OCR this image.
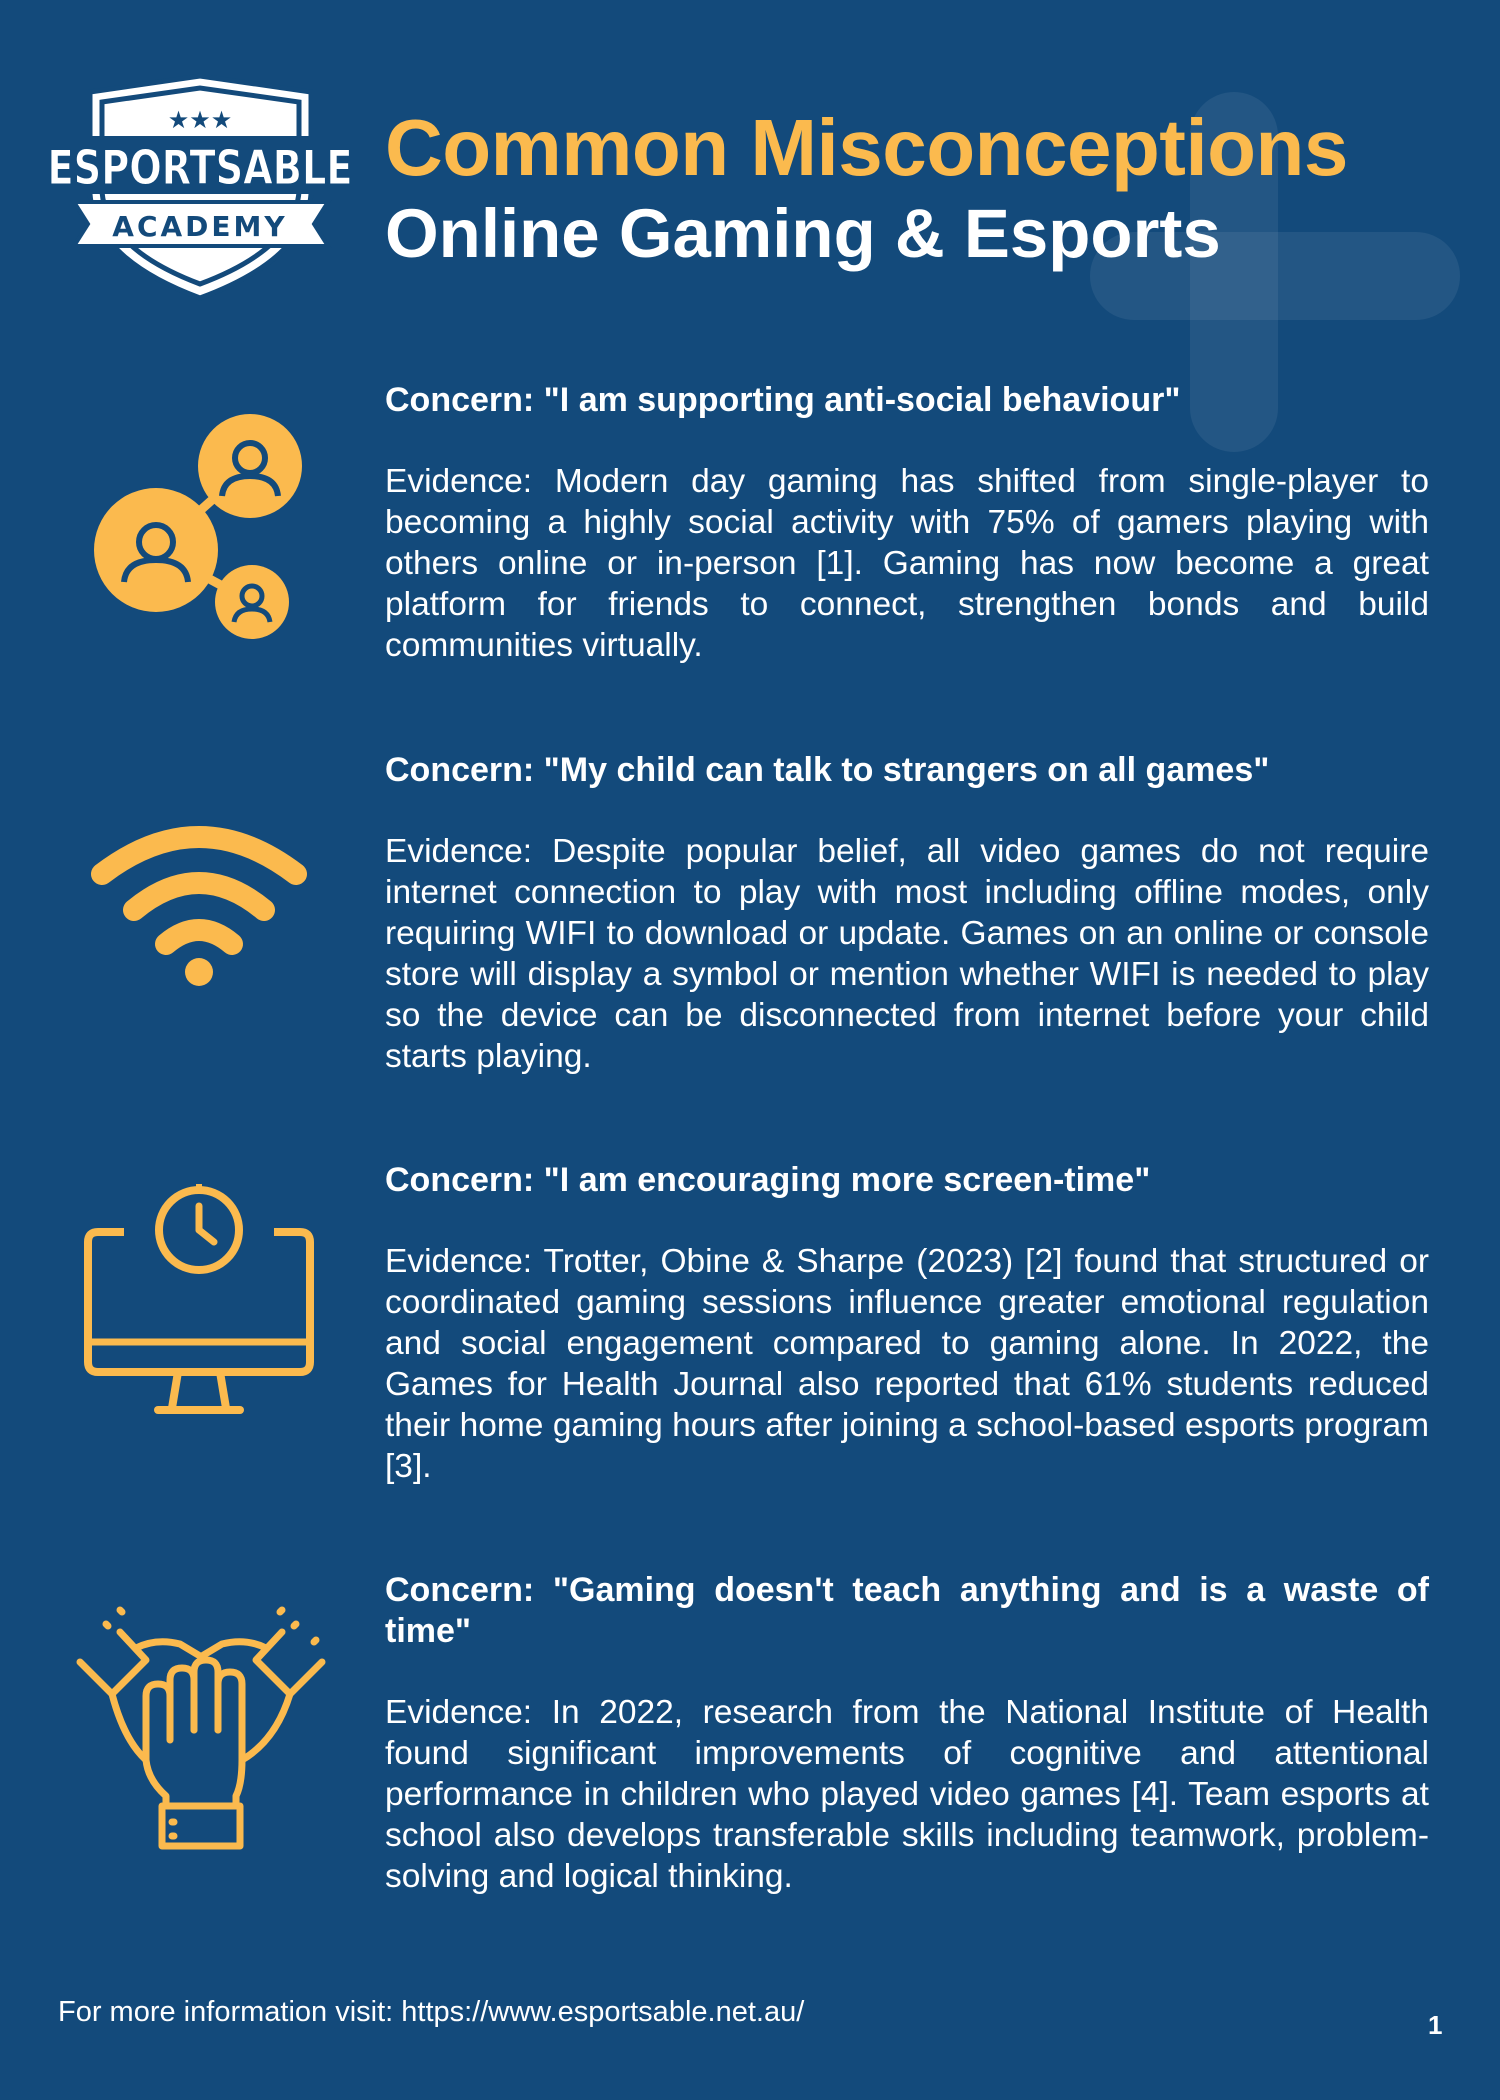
★★★
ESPORTSABLE
ACADEMY
Common Misconceptions
Online Gaming & Esports

Concern: "I am supporting anti-social behaviour"

Evidence: Modern day gaming has shifted from single-player to becoming a highly social activity with 75% of gamers playing with others online or in-person [1]. Gaming has now become a great platform for friends to connect, strengthen bonds and build communities virtually.

Concern: "My child can talk to strangers on all games"

Evidence: Despite popular belief, all video games do not require internet connection to play with most including offline modes, only requiring WIFI to download or update. Games on an online or console store will display a symbol or mention whether WIFI is needed to play so the device can be disconnected from internet before your child starts playing.

Concern: "I am encouraging more screen-time"

Evidence: Trotter, Obine & Sharpe (2023) [2] found that structured or coordinated gaming sessions influence greater emotional regulation and social engagement compared to gaming alone. In 2022, the Games for Health Journal also reported that 61% students reduced their home gaming hours after joining a school-based esports program [3].

Concern: "Gaming doesn't teach anything and is a waste of time"

Evidence: In 2022, research from the National Institute of Health found significant improvements of cognitive and attentional performance in children who played video games [4]. Team esports at school also develops transferable skills including teamwork, problem-solving and logical thinking.

For more information visit: https://www.esportsable.net.au/	1
